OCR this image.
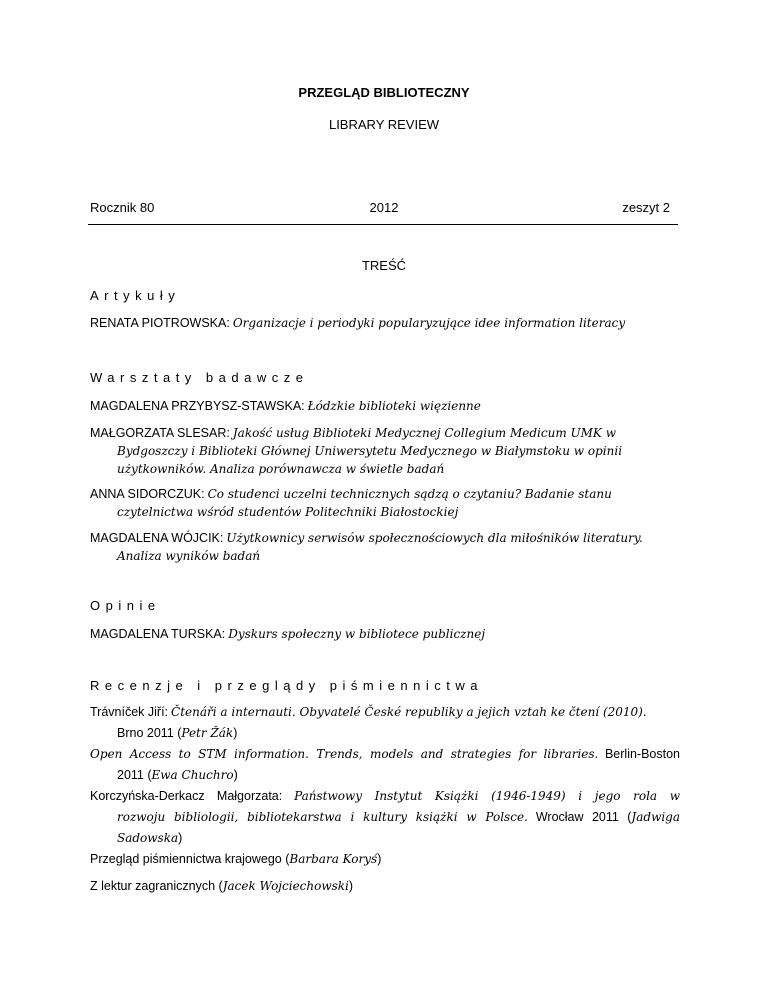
PRZEGLĄD BIBLIOTECZNY
LIBRARY REVIEW
Rocznik 80	2012	zeszyt 2
TREŚĆ
Artykuły
RENATA PIOTROWSKA: Organizacje i periodyki popularyzujące idee information literacy
Warsztaty badawcze
MAGDALENA PRZYBYSZ-STAWSKA: Łódzkie biblioteki więzienne
MAŁGORZATA SLESAR: Jakość usług Biblioteki Medycznej Collegium Medicum UMK w
Bydgoszczy i Biblioteki Głównej Uniwersytetu Medycznego w Białymstoku w opinii
użytkowników. Analiza porównawcza w świetle badań
ANNA SIDORCZUK: Co studenci uczelni technicznych sądzą o czytaniu? Badanie stanu
czytelnictwa wśród studentów Politechniki Białostockiej
MAGDALENA WÓJCIK: Użytkownicy serwisów społecznościowych dla miłośników literatury.
Analiza wyników badań
Opinie
MAGDALENA TURSKA: Dyskurs społeczny w bibliotece publicznej
Recenzje i przeglądy piśmiennictwa
Trávníček Jiří: Čtenáři a internauti. Obyvatelé České republiky a jejich vztah ke čtení (2010).
Brno 2011 (Petr Žák)
Open Access to STM information. Trends, models and strategies for libraries. Berlin-Boston
2011 (Ewa Chuchro)
Korczyńska-Derkacz Małgorzata: Państwowy Instytut Książki (1946-1949) i jego rola w
rozwoju bibliologii, bibliotekarstwa i kultury książki w Polsce. Wrocław 2011 (Jadwiga
Sadowska)
Przegląd piśmiennictwa krajowego (Barbara Koryś)
Z lektur zagranicznych (Jacek Wojciechowski)
